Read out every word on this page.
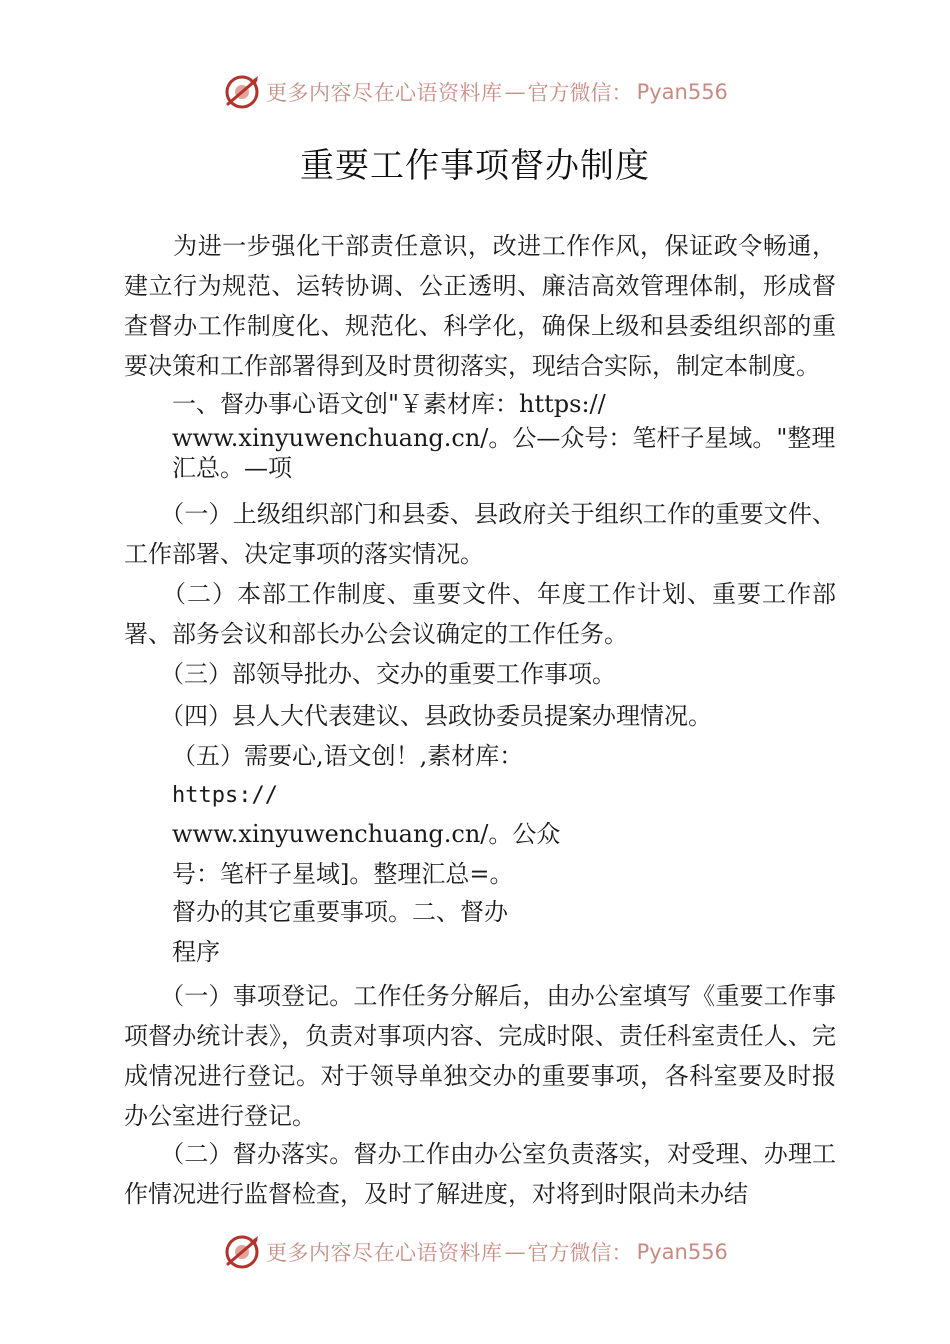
更多内容尽在心语资料库 — 官方微信： Pyan556
重要工作事项督办制度

　　为进一步强化干部责任意识，改进工作作风，保证政令畅通，建立行为规范、运转协调、公正透明、廉洁高效管理体制，形成督查督办工作制度化、规范化、科学化，确保上级和县委组织部的重要决策和工作部署得到及时贯彻落实，现结合实际，制定本制度。

一、督办事心语文创"￥素材库：https://

www.xinyuwenchuang.cn/。公—众号：笔杆子星域。"整理

汇总。—项

　　（一）上级组织部门和县委、县政府关于组织工作的重要文件、工作部署、决定事项的落实情况。

　　（二）本部工作制度、重要文件、年度工作计划、重要工作部署、部务会议和部长办公会议确定的工作任务。

　　（三）部领导批办、交办的重要工作事项。

　　（四）县人大代表建议、县政协委员提案办理情况。

（五）需要心,语文创！,素材库：

https://

www.xinyuwenchuang.cn/。公众

号：笔杆子星域]。整理汇总=。

督办的其它重要事项。二、督办

程序

　　（一）事项登记。工作任务分解后，由办公室填写《重要工作事项督办统计表》，负责对事项内容、完成时限、责任科室责任人、完成情况进行登记。对于领导单独交办的重要事项，各科室要及时报办公室进行登记。

　　（二）督办落实。督办工作由办公室负责落实，对受理、办理工作情况进行监督检查，及时了解进度，对将到时限尚未办结

更多内容尽在心语资料库 — 官方微信： Pyan556
